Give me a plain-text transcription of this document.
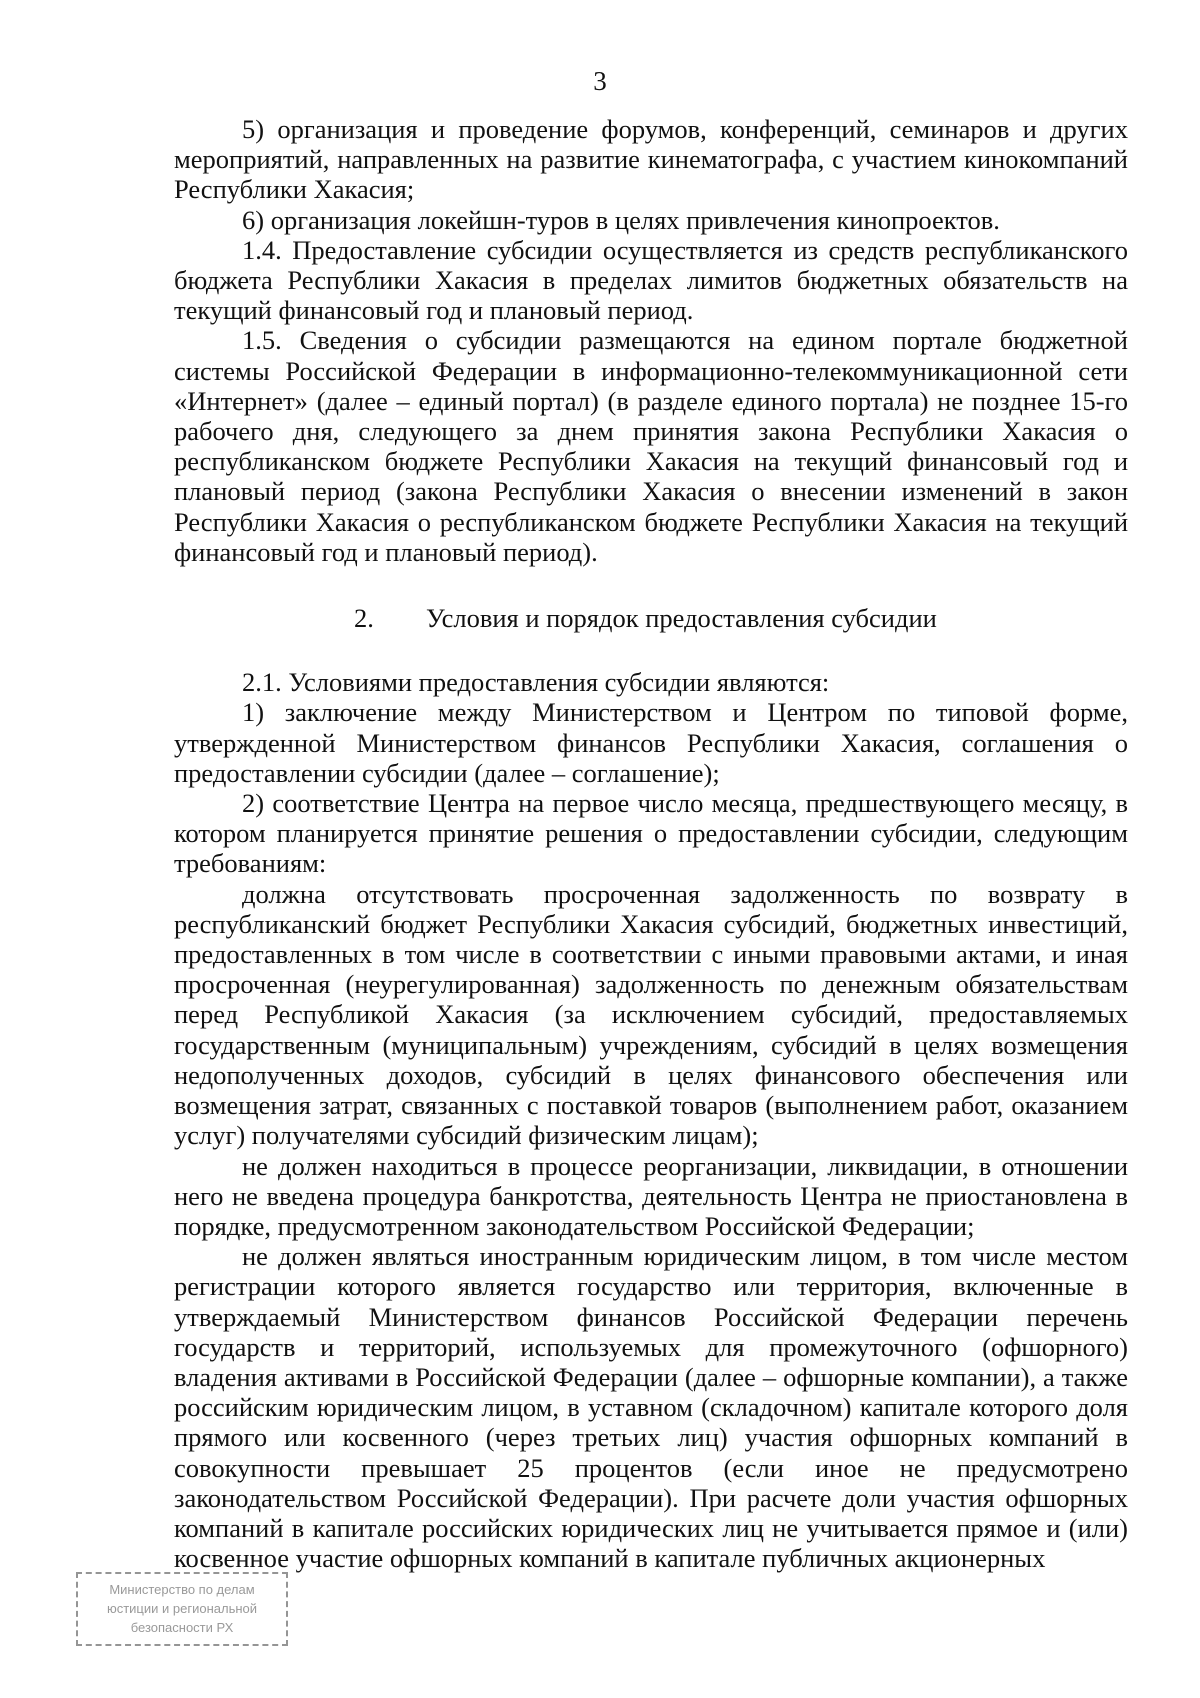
3

5) организация и проведение форумов, конференций, семинаров и других мероприятий, направленных на развитие кинематографа, с участием кинокомпаний Республики Хакасия;

6) организация локейшн-туров в целях привлечения кинопроектов.

1.4. Предоставление субсидии осуществляется из средств республиканского бюджета Республики Хакасия в пределах лимитов бюджетных обязательств на текущий финансовый год и плановый период.

1.5. Сведения о субсидии размещаются на едином портале бюджетной системы Российской Федерации в информационно-телекоммуникационной сети «Интернет» (далее – единый портал) (в разделе единого портала) не позднее 15-го рабочего дня, следующего за днем принятия закона Республики Хакасия о республиканском бюджете Республики Хакасия на текущий финансовый год и плановый период (закона Республики Хакасия о внесении изменений в закон Республики Хакасия о республиканском бюджете Республики Хакасия на текущий финансовый год и плановый период).

2. Условия и порядок предоставления субсидии

2.1. Условиями предоставления субсидии являются:

1) заключение между Министерством и Центром по типовой форме, утвержденной Министерством финансов Республики Хакасия, соглашения о предоставлении субсидии (далее – соглашение);

2) соответствие Центра на первое число месяца, предшествующего месяцу, в котором планируется принятие решения о предоставлении субсидии, следующим требованиям:

должна отсутствовать просроченная задолженность по возврату в республиканский бюджет Республики Хакасия субсидий, бюджетных инвестиций, предоставленных в том числе в соответствии с иными правовыми актами, и иная просроченная (неурегулированная) задолженность по денежным обязательствам перед Республикой Хакасия (за исключением субсидий, предоставляемых государственным (муниципальным) учреждениям, субсидий в целях возмещения недополученных доходов, субсидий в целях финансового обеспечения или возмещения затрат, связанных с поставкой товаров (выполнением работ, оказанием услуг) получателями субсидий физическим лицам);

не должен находиться в процессе реорганизации, ликвидации, в отношении него не введена процедура банкротства, деятельность Центра не приостановлена в порядке, предусмотренном законодательством Российской Федерации;

не должен являться иностранным юридическим лицом, в том числе местом регистрации которого является государство или территория, включенные в утверждаемый Министерством финансов Российской Федерации перечень государств и территорий, используемых для промежуточного (офшорного) владения активами в Российской Федерации (далее – офшорные компании), а также российским юридическим лицом, в уставном (складочном) капитале которого доля прямого или косвенного (через третьих лиц) участия офшорных компаний в совокупности превышает 25 процентов (если иное не предусмотрено законодательством Российской Федерации). При расчете доли участия офшорных компаний в капитале российских юридических лиц не учитывается прямое и (или) косвенное участие офшорных компаний в капитале публичных акционерных

Министерство по делам
юстиции и региональной
безопасности РХ
